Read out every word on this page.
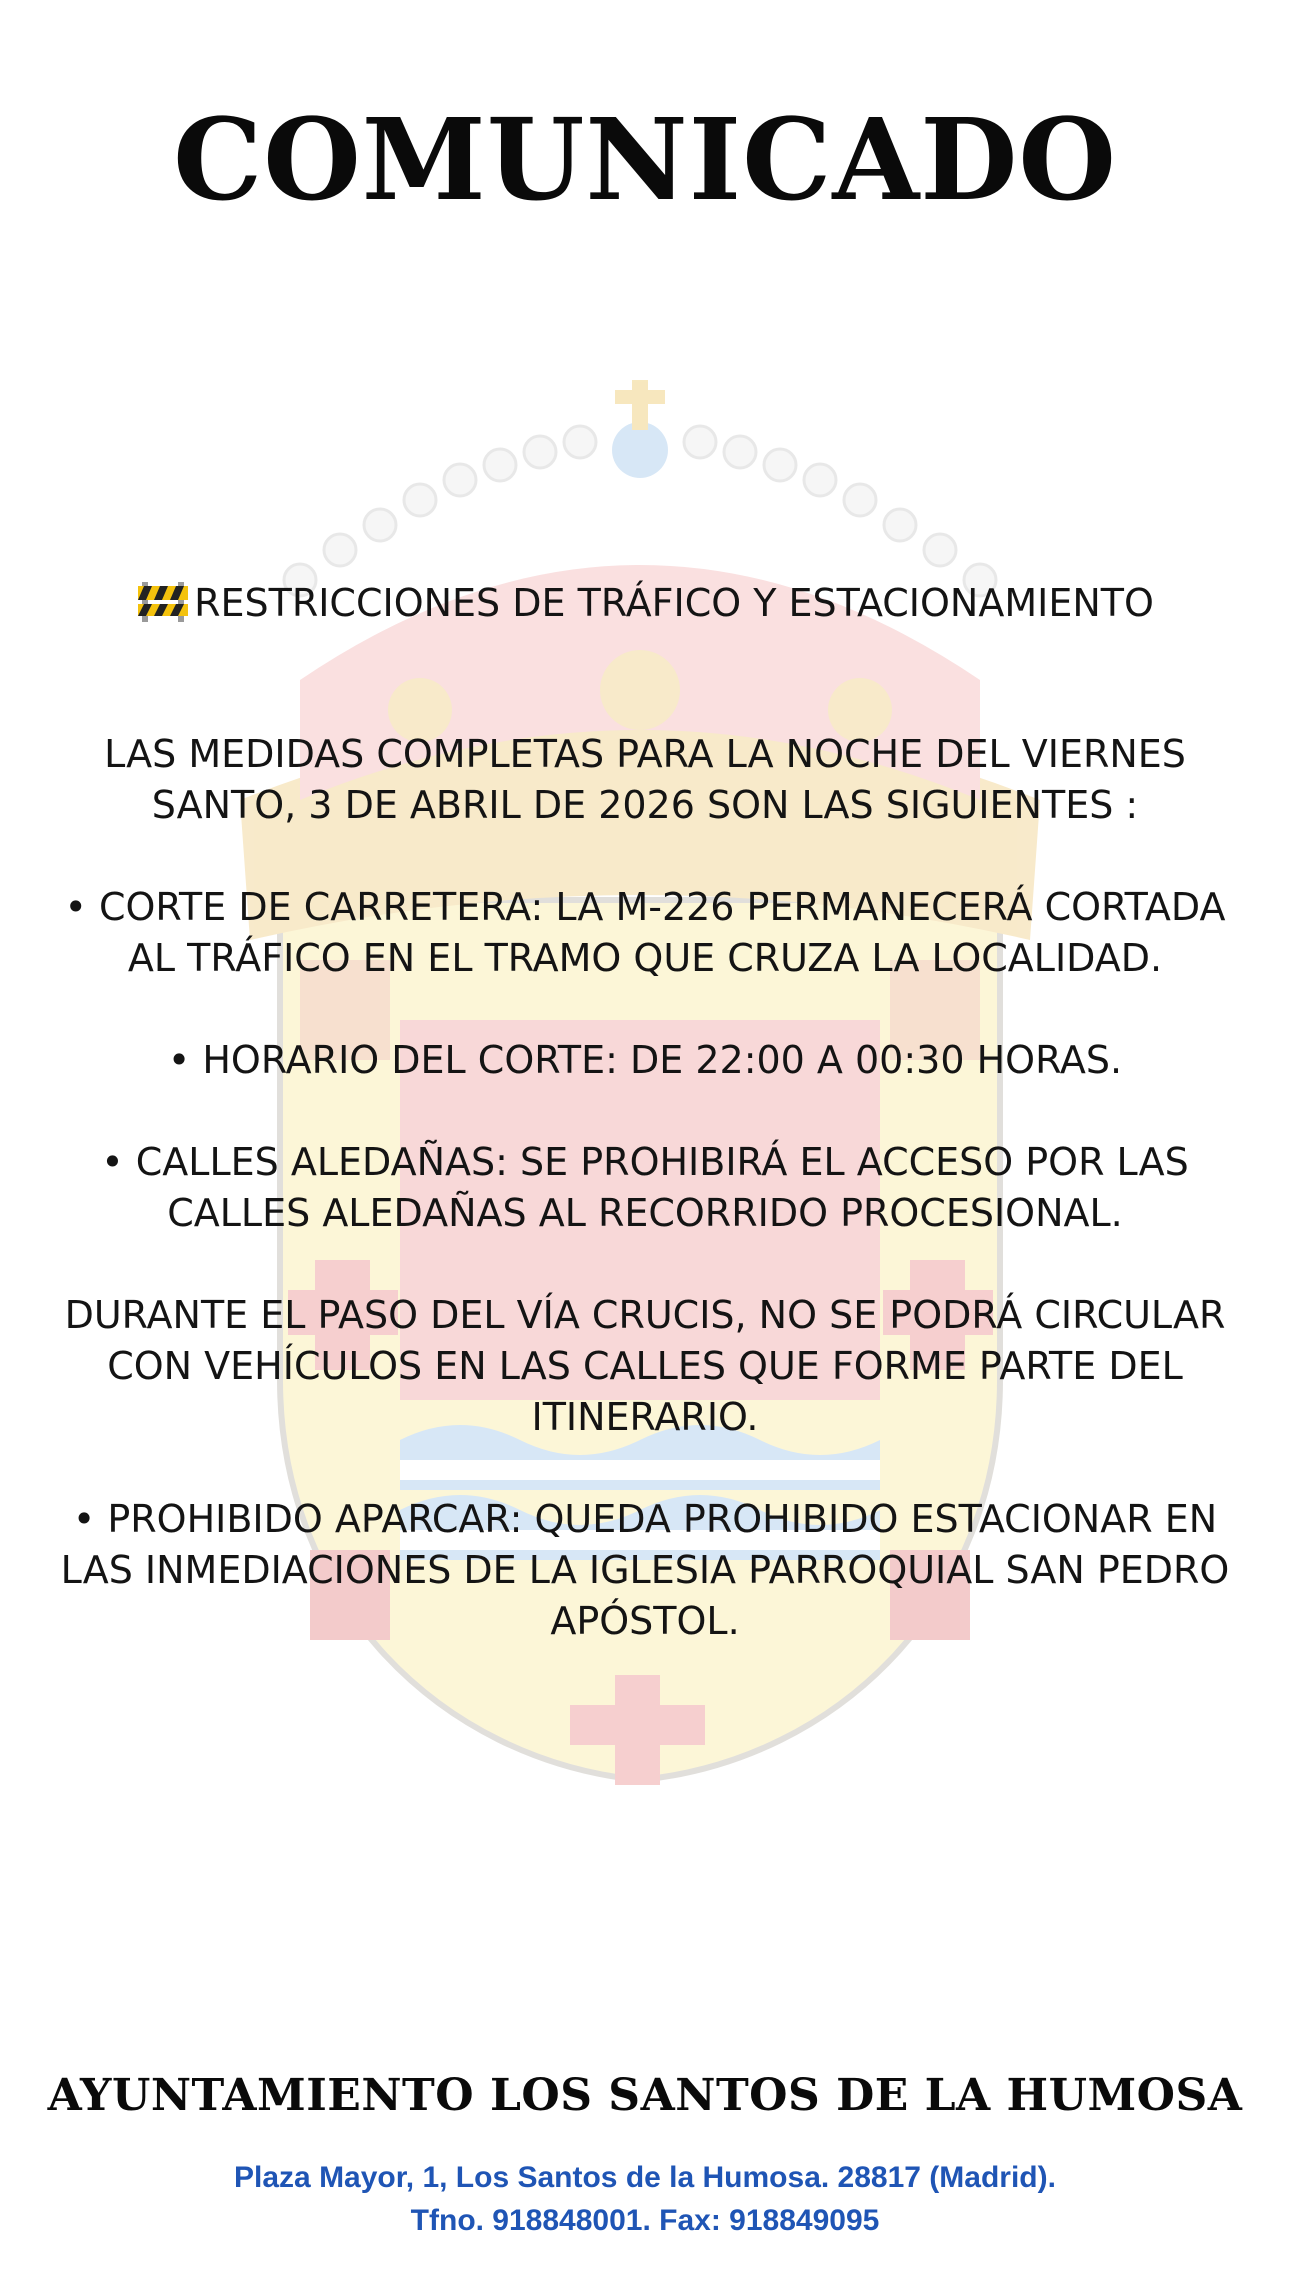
COMUNICADO

RESTRICCIONES DE TRÁFICO Y ESTACIONAMIENTO

LAS MEDIDAS COMPLETAS PARA LA NOCHE DEL VIERNES SANTO, 3 DE ABRIL DE 2026 SON LAS SIGUIENTES :

• CORTE DE CARRETERA: LA M-226 PERMANECERÁ CORTADA AL TRÁFICO EN EL TRAMO QUE CRUZA LA LOCALIDAD.

• HORARIO DEL CORTE: DE 22:00 A 00:30 HORAS.

• CALLES ALEDAÑAS: SE PROHIBIRÁ EL ACCESO POR LAS CALLES ALEDAÑAS AL RECORRIDO PROCESIONAL.

DURANTE EL PASO DEL VÍA CRUCIS, NO SE PODRÁ CIRCULAR CON VEHÍCULOS EN LAS CALLES QUE FORME PARTE DEL ITINERARIO.

• PROHIBIDO APARCAR: QUEDA PROHIBIDO ESTACIONAR EN LAS INMEDIACIONES DE LA IGLESIA PARROQUIAL SAN PEDRO APÓSTOL.

AYUNTAMIENTO LOS SANTOS DE LA HUMOSA
Plaza Mayor, 1, Los Santos de la Humosa. 28817 (Madrid).
Tfno. 918848001. Fax: 918849095
